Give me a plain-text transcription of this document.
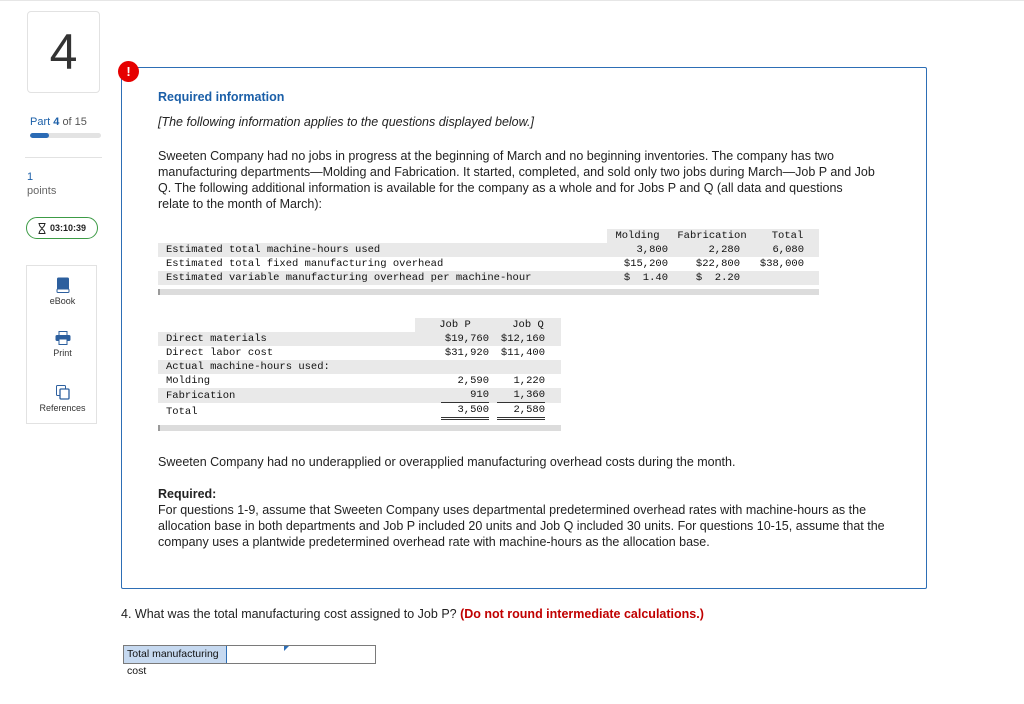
4
Part 4 of 15
1
points
03:10:39
eBook
Print
References
!
Required information
[The following information applies to the questions displayed below.]
Sweeten Company had no jobs in progress at the beginning of March and no beginning inventories. The company has two manufacturing departments—Molding and Fabrication. It started, completed, and sold only two jobs during March—Job P and Job Q. The following additional information is available for the company as a whole and for Jobs P and Q (all data and questions relate to the month of March):
	Molding	Fabrication	Total
Estimated total machine-hours used	3,800	2,280	6,080
Estimated total fixed manufacturing overhead	$15,200	$22,800	$38,000
Estimated variable manufacturing overhead per machine-hour	$  1.40	$  2.20	
	Job P	Job Q
Direct materials	$19,760	$12,160
Direct labor cost	$31,920	$11,400
Actual machine-hours used:		
Molding	2,590	1,220
Fabrication	910	1,360
Total	3,500	2,580
Sweeten Company had no underapplied or overapplied manufacturing overhead costs during the month.
Required:
For questions 1-9, assume that Sweeten Company uses departmental predetermined overhead rates with machine-hours as the allocation base in both departments and Job P included 20 units and Job Q included 30 units. For questions 10-15, assume that the company uses a plantwide predetermined overhead rate with machine-hours as the allocation base.
4. What was the total manufacturing cost assigned to Job P? (Do not round intermediate calculations.)
Total manufacturing cost
